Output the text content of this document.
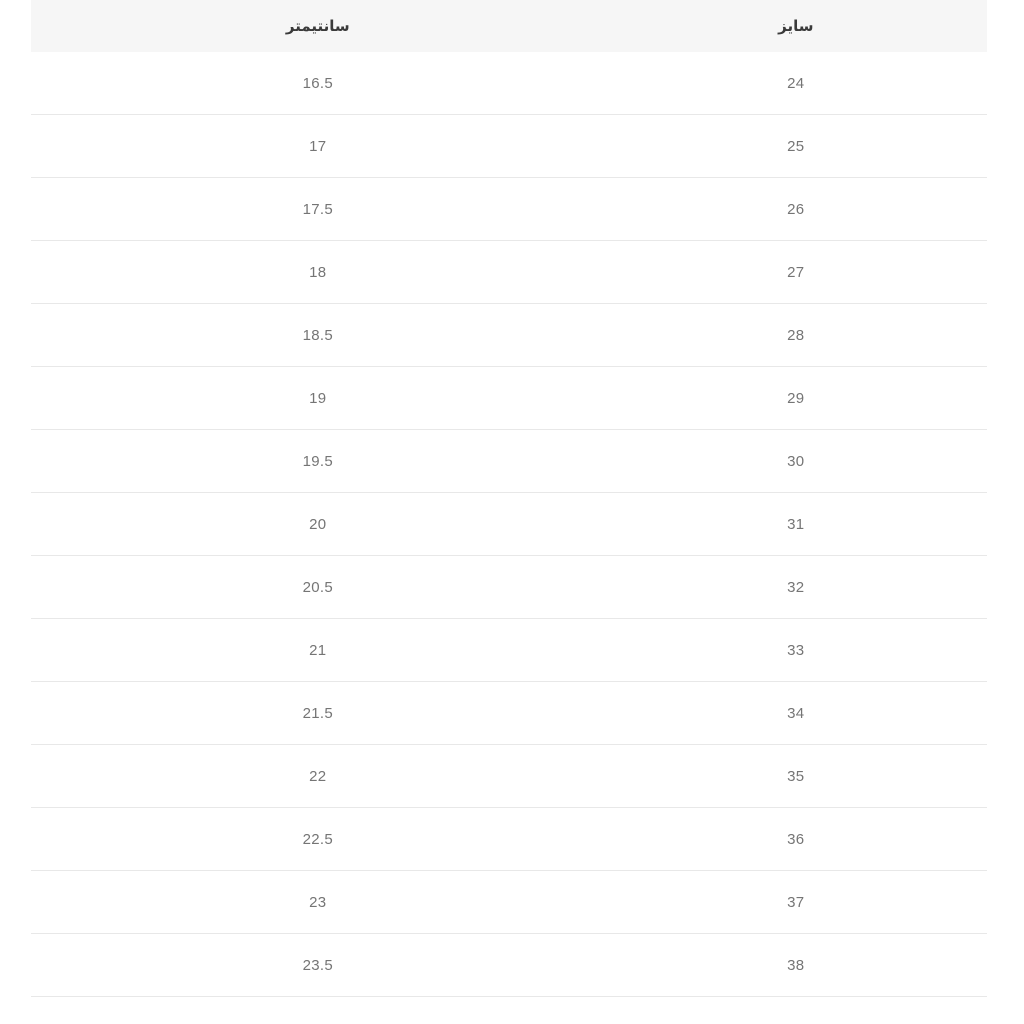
سایز	سانتیمتر
24	16.5
25	17
26	17.5
27	18
28	18.5
29	19
30	19.5
31	20
32	20.5
33	21
34	21.5
35	22
36	22.5
37	23
38	23.5
